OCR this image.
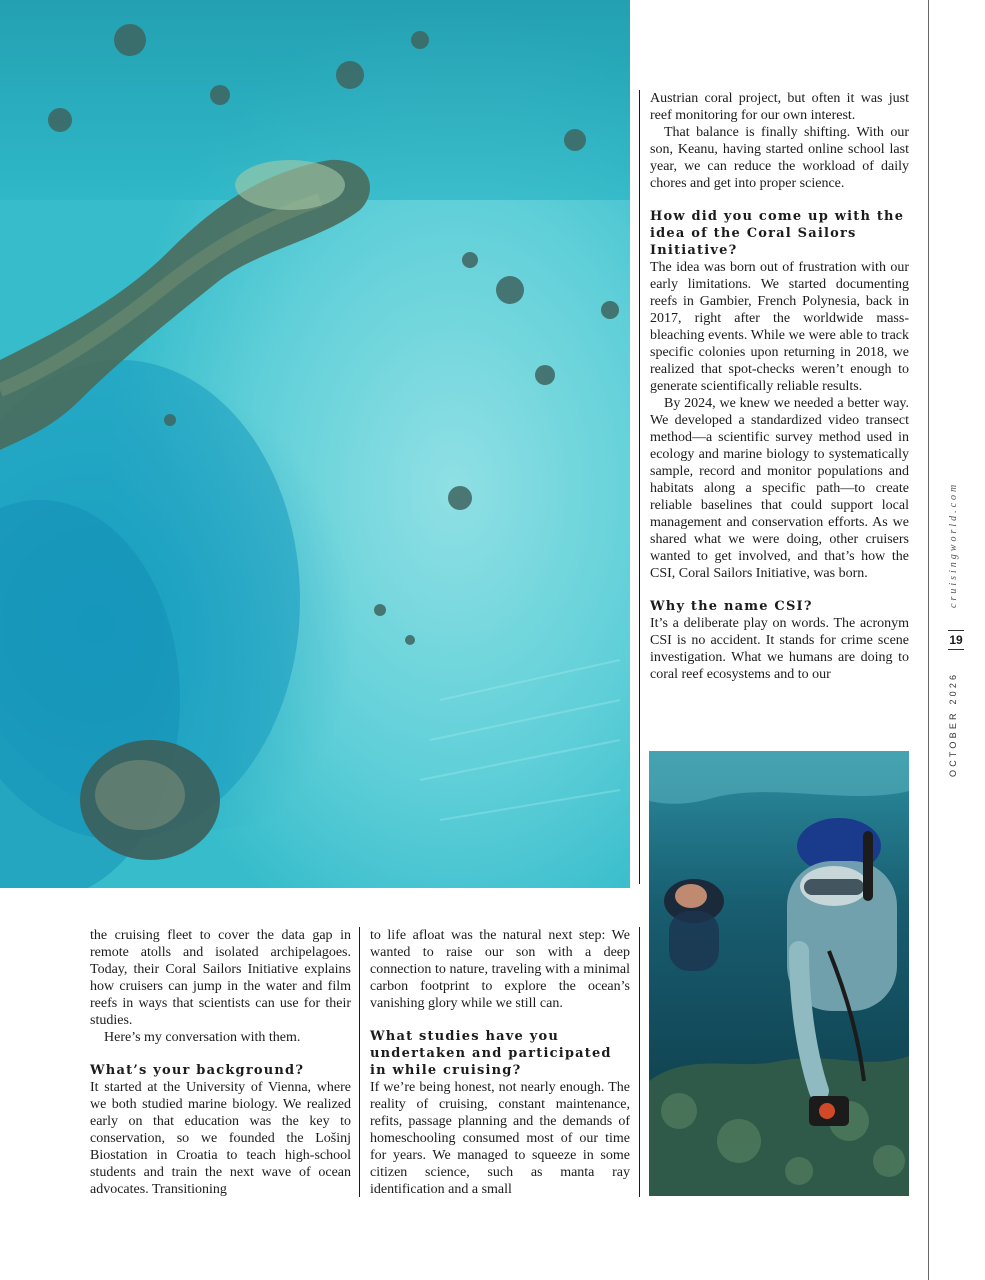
Austrian coral project, but often it was just reef monitoring for our own interest.

That balance is finally shifting. With our son, Keanu, having started online school last year, we can reduce the workload of daily chores and get into proper science.

How did you come up with the idea of the Coral Sailors Initiative?

The idea was born out of frustration with our early limitations. We started documenting reefs in Gambier, French Polynesia, back in 2017, right after the worldwide mass-bleaching events. While we were able to track specific colonies upon returning in 2018, we realized that spot-checks weren’t enough to generate scientifically reliable results.

By 2024, we knew we needed a better way. We developed a standardized video transect method—a scientific survey method used in ecology and marine biology to systematically sample, record and monitor populations and habitats along a specific path—to create reliable baselines that could support local management and conservation efforts. As we shared what we were doing, other cruisers wanted to get involved, and that’s how the CSI, Coral Sailors Initiative, was born.

Why the name CSI?

It’s a deliberate play on words. The acronym CSI is no accident. It stands for crime scene investigation. What we humans are doing to coral reef ecosystems and to our

the cruising fleet to cover the data gap in remote atolls and isolated archipelagoes. Today, their Coral Sailors Initiative explains how cruisers can jump in the water and film reefs in ways that scientists can use for their studies.

Here’s my conversation with them.

What’s your background?

It started at the University of Vienna, where we both studied marine biology. We realized early on that education was the key to conservation, so we founded the Lošinj Biostation in Croatia to teach high-school students and train the next wave of ocean advocates. Transitioning

to life afloat was the natural next step: We wanted to raise our son with a deep connection to nature, traveling with a minimal carbon footprint to explore the ocean’s vanishing glory while we still can.

What studies have you undertaken and participated in while cruising?

If we’re being honest, not nearly enough. The reality of cruising, constant maintenance, refits, passage planning and the demands of homeschooling consumed most of our time for years. We managed to squeeze in some citizen science, such as manta ray identification and a small

cruisingworld.com
19
OCTOBER 2026
